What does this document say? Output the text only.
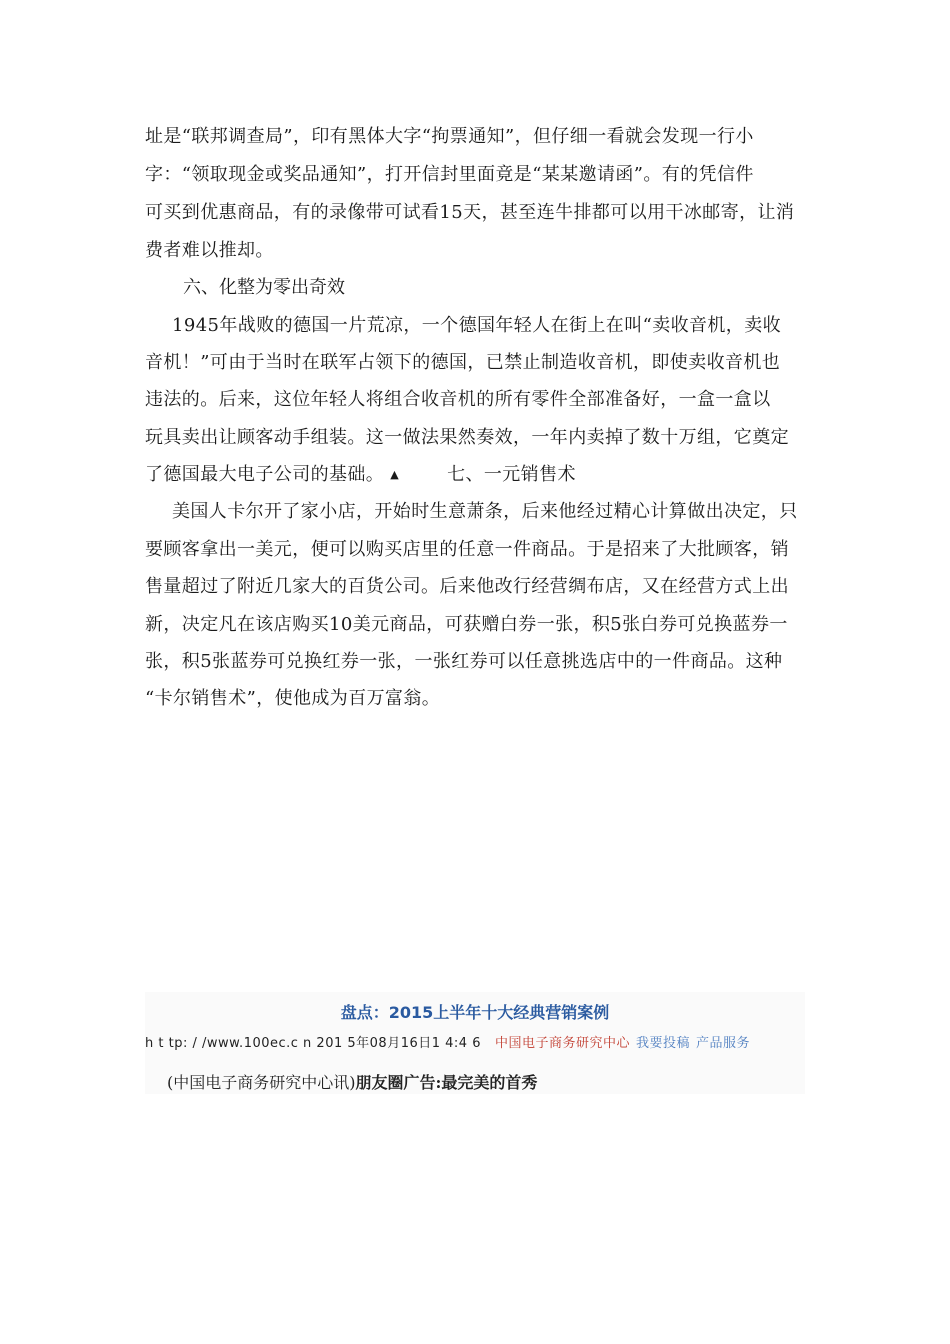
址是“联邦调查局”，印有黑体大字“拘票通知”，但仔细一看就会发现一行小
字：“领取现金或奖品通知”，打开信封里面竟是“某某邀请函”。有的凭信件
可买到优惠商品，有的录像带可试看15天，甚至连牛排都可以用干冰邮寄，让消
费者难以推却。
六、化整为零出奇效
1945年战败的德国一片荒凉，一个德国年轻人在街上在叫“卖收音机，卖收
音机！”可由于当时在联军占领下的德国，已禁止制造收音机，即使卖收音机也
违法的。后来，这位年轻人将组合收音机的所有零件全部准备好，一盒一盒以
玩具卖出让顾客动手组装。这一做法果然奏效，一年内卖掉了数十万组，它奠定
了德国最大电子公司的基础。 ▲	七、一元销售术
美国人卡尔开了家小店，开始时生意萧条，后来他经过精心计算做出决定，只
要顾客拿出一美元，便可以购买店里的任意一件商品。于是招来了大批顾客，销
售量超过了附近几家大的百货公司。后来他改行经营绸布店，又在经营方式上出
新，决定凡在该店购买10美元商品，可获赠白券一张，积5张白券可兑换蓝券一
张，积5张蓝券可兑换红券一张，一张红券可以任意挑选店中的一件商品。这种
“卡尔销售术”，使他成为百万富翁。
盘点：2015上半年十大经典营销案例
h t tp: / /www.100ec.c n 201 5年08月16日1 4:4 6 中国电子商务研究中心 我要投稿 产品服务
(中国电子商务研究中心讯)朋友圈广告:最完美的首秀
